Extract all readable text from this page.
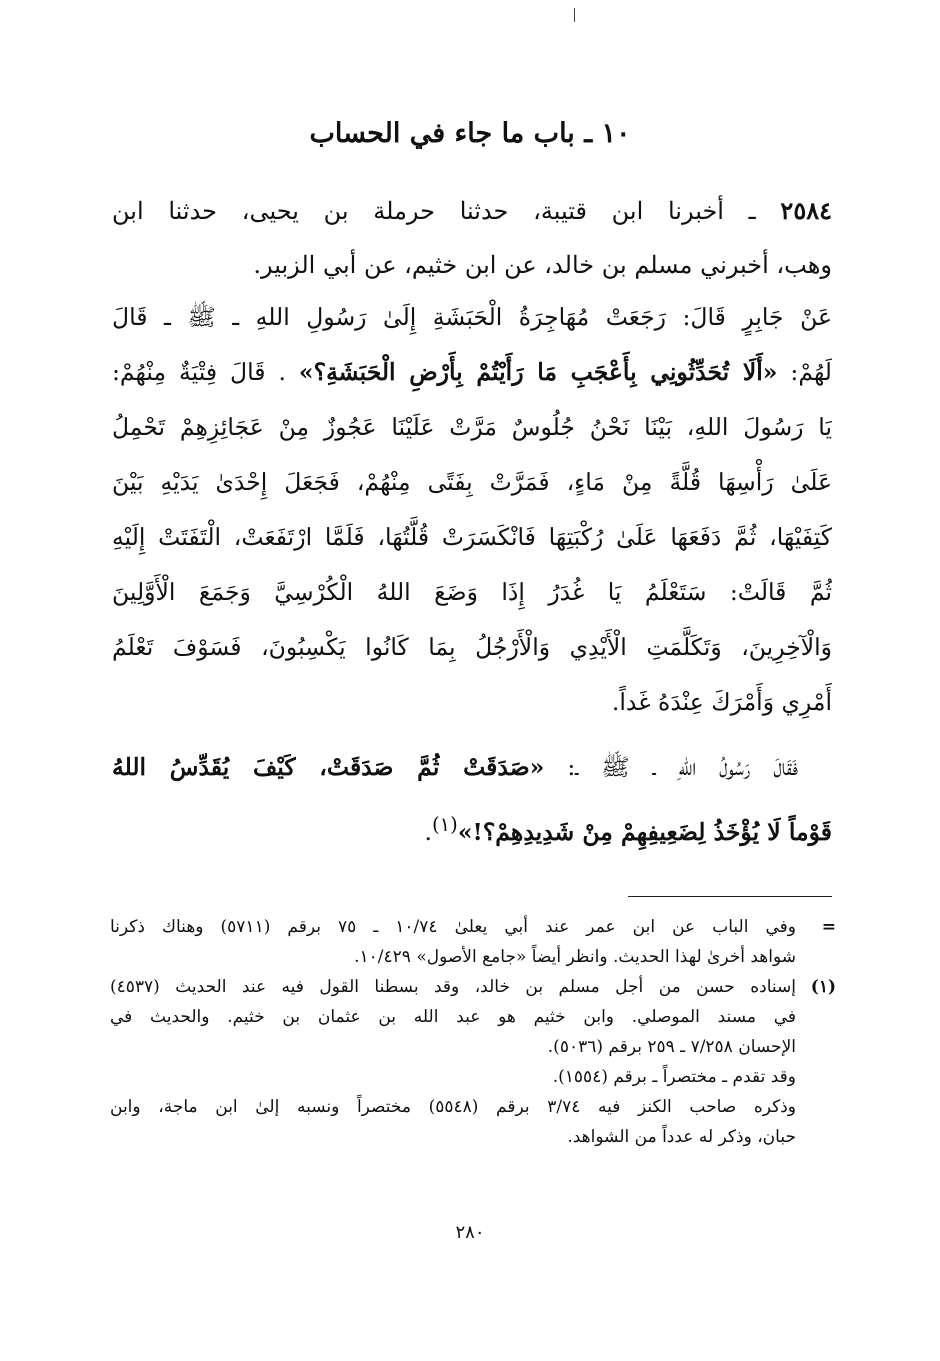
١٠ ـ باب ما جاء في الحساب
٢٥٨٤ ـ أخبرنا ابن قتيبة، حدثنا حرملة بن يحيى، حدثنا ابن
وهب، أخبرني مسلم بن خالد، عن ابن خثيم، عن أبي الزبير.
عَنْ جَابِرٍ قَالَ: رَجَعَتْ مُهَاجِرَةُ الْحَبَشَةِ إِلَىٰ رَسُولِ اللهِ ـ ﷺ ـ قَالَ
لَهُمْ: «أَلَا تُحَدِّثُونِي بِأَعْجَبِ مَا رَأَيْتُمْ بِأَرْضِ الْحَبَشَةِ؟» . قَالَ فِتْيَةٌ مِنْهُمْ:
يَا رَسُولَ اللهِ، بَيْنَا نَحْنُ جُلُوسٌ مَرَّتْ عَلَيْنَا عَجُوزٌ مِنْ عَجَائِزِهِمْ تَحْمِلُ
عَلَىٰ رَأْسِهَا قُلَّةً مِنْ مَاءٍ، فَمَرَّتْ بِفَتًى مِنْهُمْ، فَجَعَلَ إِحْدَىٰ يَدَيْهِ بَيْنَ
كَتِفَيْهَا، ثُمَّ دَفَعَهَا عَلَىٰ رُكْبَتِهَا فَانْكَسَرَتْ قُلَّتُهَا، فَلَمَّا ارْتَفَعَتْ، الْتَفَتَتْ إِلَيْهِ
ثُمَّ قَالَتْ: سَتَعْلَمُ يَا غُدَرُ إِذَا وَضَعَ اللهُ الْكُرْسِيَّ وَجَمَعَ الْأَوَّلِينَ
وَالْآخِرِينَ، وَتَكَلَّمَتِ الْأَيْدِي وَالْأَرْجُلُ بِمَا كَانُوا يَكْسِبُونَ، فَسَوْفَ تَعْلَمُ
أَمْرِي وَأَمْرَكَ عِنْدَهُ غَداً.
فَقَالَ رَسُولُ اللهِ ـ ﷺ ـ: «صَدَقَتْ ثُمَّ صَدَقَتْ، كَيْفَ يُقَدِّسُ اللهُ
قَوْماً لَا يُؤْخَذُ لِضَعِيفِهِمْ مِنْ شَدِيدِهِمْ؟!»$^{(١)}$.
=وفي الباب عن ابن عمر عند أبي يعلىٰ ١٠/٧٤ ـ ٧٥ برقم (٥٧١١) وهناك ذكرنا
شواهد أخرىٰ لهذا الحديث. وانظر أيضاً «جامع الأصول» ١٠/٤٢٩.
(١)إسناده حسن من أجل مسلم بن خالد، وقد بسطنا القول فيه عند الحديث (٤٥٣٧)
في مسند الموصلي. وابن خثيم هو عبد الله بن عثمان بن خثيم. والحديث في
الإحسان ٧/٢٥٨ ـ ٢٥٩ برقم (٥٠٣٦).
وقد تقدم ـ مختصراً ـ برقم (١٥٥٤).
وذكره صاحب الكنز فيه ٣/٧٤ برقم (٥٥٤٨) مختصراً ونسبه إلىٰ ابن ماجة، وابن
حبان، وذكر له عدداً من الشواهد.
٢٨٠
